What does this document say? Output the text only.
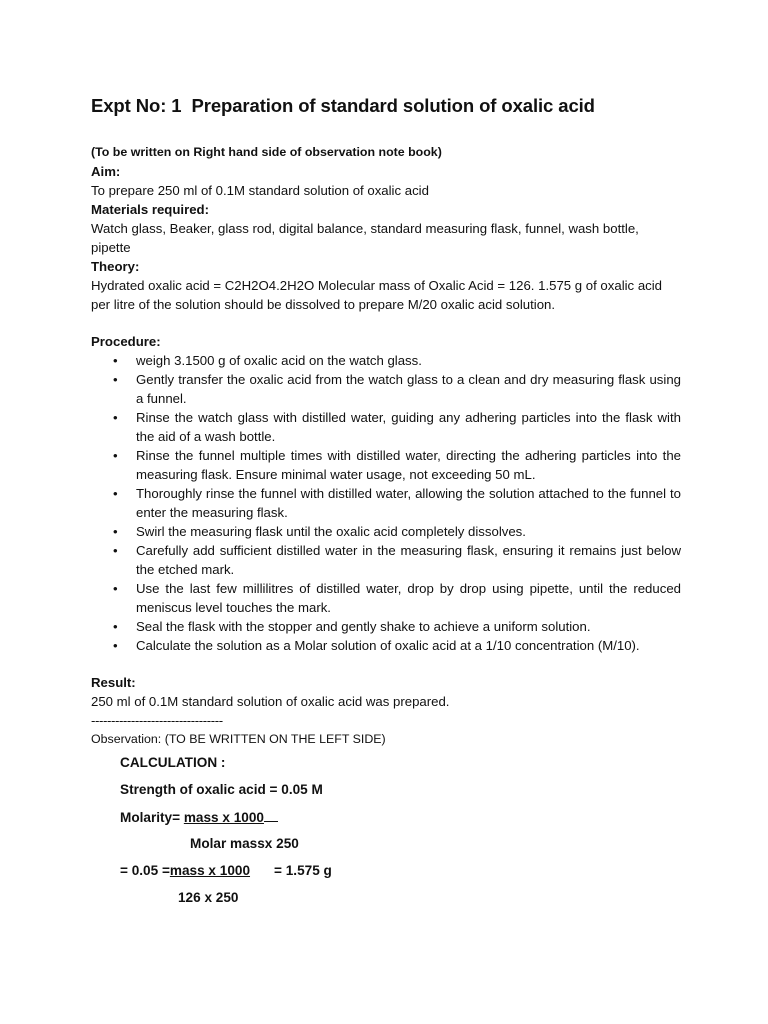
Expt No: 1 Preparation of standard solution of oxalic acid

(To be written on Right hand side of observation note book)

Aim:

To prepare 250 ml of 0.1M standard solution of oxalic acid

Materials required:

Watch glass, Beaker, glass rod, digital balance, standard measuring flask, funnel, wash bottle, pipette

Theory:

Hydrated oxalic acid = C2H2O4.2H2O Molecular mass of Oxalic Acid = 126. 1.575 g of oxalic acid per litre of the solution should be dissolved to prepare M/20 oxalic acid solution.

Procedure:

• weigh 3.1500 g of oxalic acid on the watch glass.
• Gently transfer the oxalic acid from the watch glass to a clean and dry measuring flask using a funnel.
• Rinse the watch glass with distilled water, guiding any adhering particles into the flask with the aid of a wash bottle.
• Rinse the funnel multiple times with distilled water, directing the adhering particles into the measuring flask. Ensure minimal water usage, not exceeding 50 mL.
• Thoroughly rinse the funnel with distilled water, allowing the solution attached to the funnel to enter the measuring flask.
• Swirl the measuring flask until the oxalic acid completely dissolves.
• Carefully add sufficient distilled water in the measuring flask, ensuring it remains just below the etched mark.
• Use the last few millilitres of distilled water, drop by drop using pipette, until the reduced meniscus level touches the mark.
• Seal the flask with the stopper and gently shake to achieve a uniform solution.
• Calculate the solution as a Molar solution of oxalic acid at a 1/10 concentration (M/10).

Result:

250 ml of 0.1M standard solution of oxalic acid was prepared.

---------------------------------

Observation: (TO BE WRITTEN ON THE LEFT SIDE)

CALCULATION :
Strength of oxalic acid = 0.05 M
Molarity= mass x 1000
Molar massx 250
= 0.05 =mass x 1000 = 1.575 g
126 x 250
